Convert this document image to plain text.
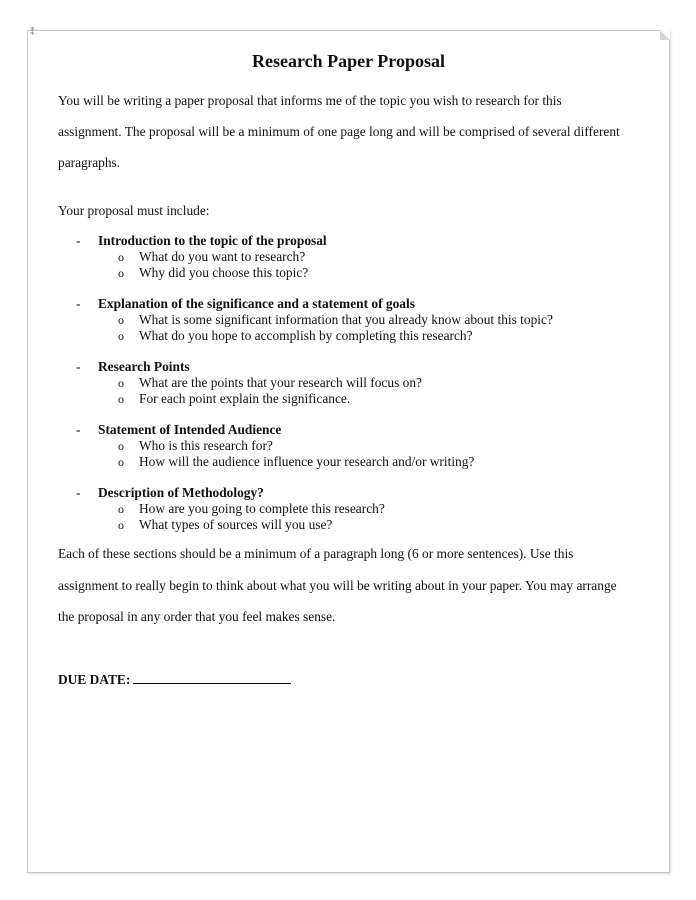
⁑
Research Paper Proposal
You will be writing a paper proposal that informs me of the topic you wish to research for this
assignment. The proposal will be a minimum of one page long and will be comprised of several different
paragraphs.
Your proposal must include:
- Introduction to the topic of the proposal
o What do you want to research?
o Why did you choose this topic?
- Explanation of the significance and a statement of goals
o What is some significant information that you already know about this topic?
o What do you hope to accomplish by completing this research?
- Research Points
o What are the points that your research will focus on?
o For each point explain the significance.
- Statement of Intended Audience
o Who is this research for?
o How will the audience influence your research and/or writing?
- Description of Methodology?
o How are you going to complete this research?
o What types of sources will you use?
Each of these sections should be a minimum of a paragraph long (6 or more sentences). Use this
assignment to really begin to think about what you will be writing about in your paper. You may arrange
the proposal in any order that you feel makes sense.
DUE DATE:
